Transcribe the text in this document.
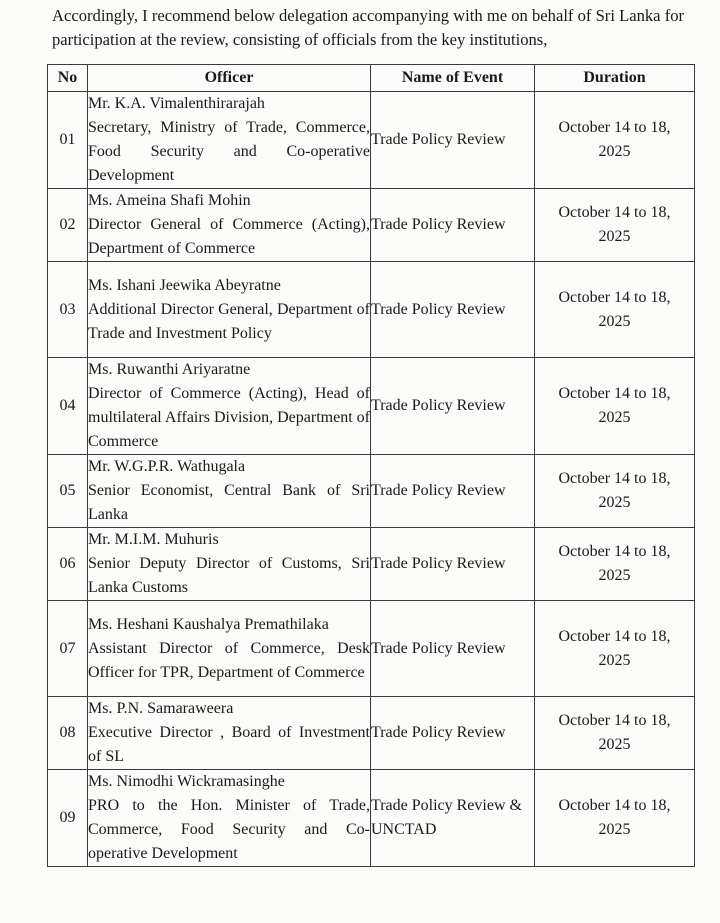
Accordingly, I recommend below delegation accompanying with me on behalf of Sri Lanka for
participation at the review, consisting of officials from the key institutions,
No	Officer	Name of Event	Duration
01	Mr. K.A. Vimalenthirarajah
Secretary, Ministry of Trade, Commerce, Food Security and Co-operative Development	Trade Policy Review	October 14 to 18,
2025

02	Ms. Ameina Shafi Mohin
Director General of Commerce (Acting), Department of Commerce	Trade Policy Review	October 14 to 18,
2025

03	Ms. Ishani Jeewika Abeyratne
Additional Director General, Department of Trade and Investment Policy	Trade Policy Review	October 14 to 18,
2025

04	Ms. Ruwanthi Ariyaratne
Director of Commerce (Acting), Head of multilateral Affairs Division, Department of Commerce	Trade Policy Review	October 14 to 18,
2025

05	Mr. W.G.P.R. Wathugala
Senior Economist, Central Bank of Sri Lanka	Trade Policy Review	October 14 to 18,
2025

06	Mr. M.I.M. Muhuris
Senior Deputy Director of Customs, Sri Lanka Customs	Trade Policy Review	October 14 to 18,
2025

07	Ms. Heshani Kaushalya Premathilaka
Assistant Director of Commerce, Desk Officer for TPR, Department of Commerce	Trade Policy Review	October 14 to 18,
2025

08	Ms. P.N. Samaraweera
Executive Director , Board of Investment of SL	Trade Policy Review	October 14 to 18,
2025

09	Ms. Nimodhi Wickramasinghe
PRO to the Hon. Minister of Trade, Commerce, Food Security and Co-operative Development	Trade Policy Review & UNCTAD	October 14 to 18,
2025
